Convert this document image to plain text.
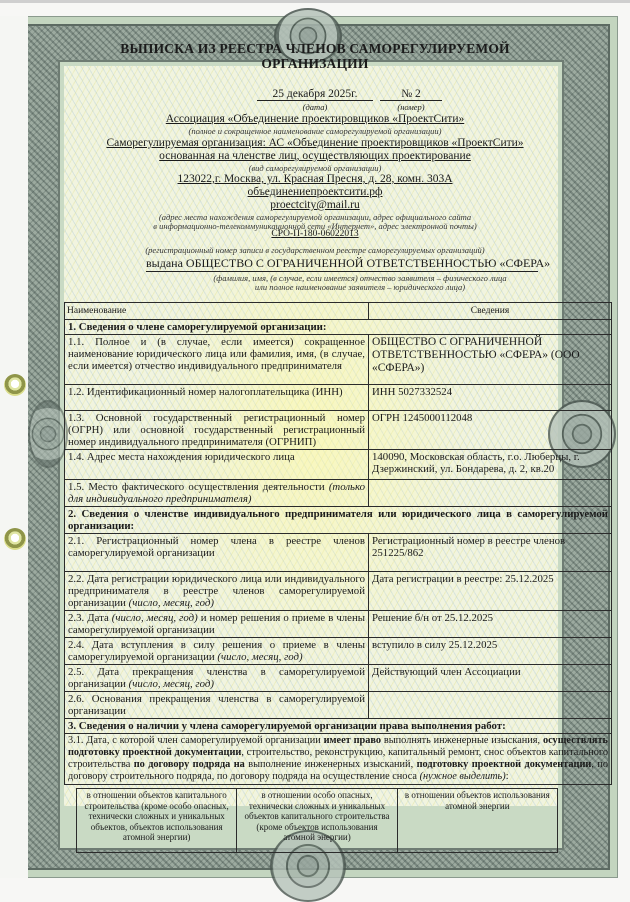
ВЫПИСКА ИЗ РЕЕСТРА ЧЛЕНОВ САМОРЕГУЛИРУЕМОЙ
ОРГАНИЗАЦИИ
25 декабря 2025г.
(дата)
№ 2
(номер)
Ассоциация «Объединение проектировщиков «ПроектСити»
(полное и сокращенное наименование саморегулируемой организации)
Саморегулируемая организация: АС «Объединение проектировщиков «ПроектСити»
основанная на членстве лиц, осуществляющих проектирование
(вид саморегулируемой организации)
123022,г. Москва, ул. Красная Пресня, д. 28, комн. 303А
объединениепроектсити.рф
proectcity@mail.ru
(адрес места нахождения саморегулируемой организации, адрес официального сайта
в информационно-телекоммуникационной сети «Интернет», адрес электронной почты)
СРО-П-180-06022013
(регистрационный номер записи в государственном реестре саморегулируемых организаций)
выдана ОБЩЕСТВО С ОГРАНИЧЕННОЙ ОТВЕТСТВЕННОСТЬЮ «СФЕРА»
(фамилия, имя, (в случае, если имеется) отчество заявителя – физического лица
или полное наименование заявителя – юридического лица)
Наименование	Сведения
1. Сведения о члене саморегулируемой организации:	
1.1. Полное и (в случае, если имеется) сокращенное наименование юридического лица или фамилия, имя, (в случае, если имеется) отчество индивидуального предпринимателя	ОБЩЕСТВО С ОГРАНИЧЕННОЙ ОТВЕТСТВЕННОСТЬЮ «СФЕРА» (ООО «СФЕРА»)
1.2. Идентификационный номер налогоплательщика (ИНН)	ИНН 5027332524
1.3. Основной государственный регистрационный номер (ОГРН) или основной государственный регистрационный номер индивидуального предпринимателя (ОГРНИП)	ОГРН 1245000112048
1.4. Адрес места нахождения юридического лица	140090, Московская область, г.о. Люберцы, г. Дзержинский, ул. Бондарева, д. 2, кв.20
1.5. Место фактического осуществления деятельности (только для индивидуального предпринимателя)	
2. Сведения о членстве индивидуального предпринимателя или юридического лица в саморегулируемой организации:	
2.1. Регистрационный номер члена в реестре членов саморегулируемой организации	Регистрационный номер в реестре членов 251225/862
2.2. Дата регистрации юридического лица или индивидуального предпринимателя в реестре членов саморегулируемой организации (число, месяц, год)	Дата регистрации в реестре: 25.12.2025
2.3. Дата (число, месяц, год) и номер решения о приеме в члены саморегулируемой организации	Решение б/н от 25.12.2025
2.4. Дата вступления в силу решения о приеме в члены саморегулируемой организации (число, месяц, год)	вступило в силу 25.12.2025
2.5. Дата прекращения членства в саморегулируемой организации (число, месяц, год)	Действующий член Ассоциации
2.6. Основания прекращения членства в саморегулируемой организации	
3. Сведения о наличии у члена саморегулируемой организации права выполнения работ:	
3.1. Дата, с которой член саморегулируемой организации имеет право выполнять инженерные изыскания, осуществлять подготовку проектной документации, строительство, реконструкцию, капитальный ремонт, снос объектов капитального строительства по договору подряда на выполнение инженерных изысканий, подготовку проектной документации, по договору строительного подряда, по договору подряда на осуществление сноса (нужное выделить):	
в отношении объектов капитального строительства (кроме особо опасных, технически сложных и уникальных объектов, объектов использования атомной энергии)	в отношении особо опасных, технически сложных и уникальных объектов капитального строительства (кроме объектов использования атомной энергии)	в отношении объектов использования атомной энергии
